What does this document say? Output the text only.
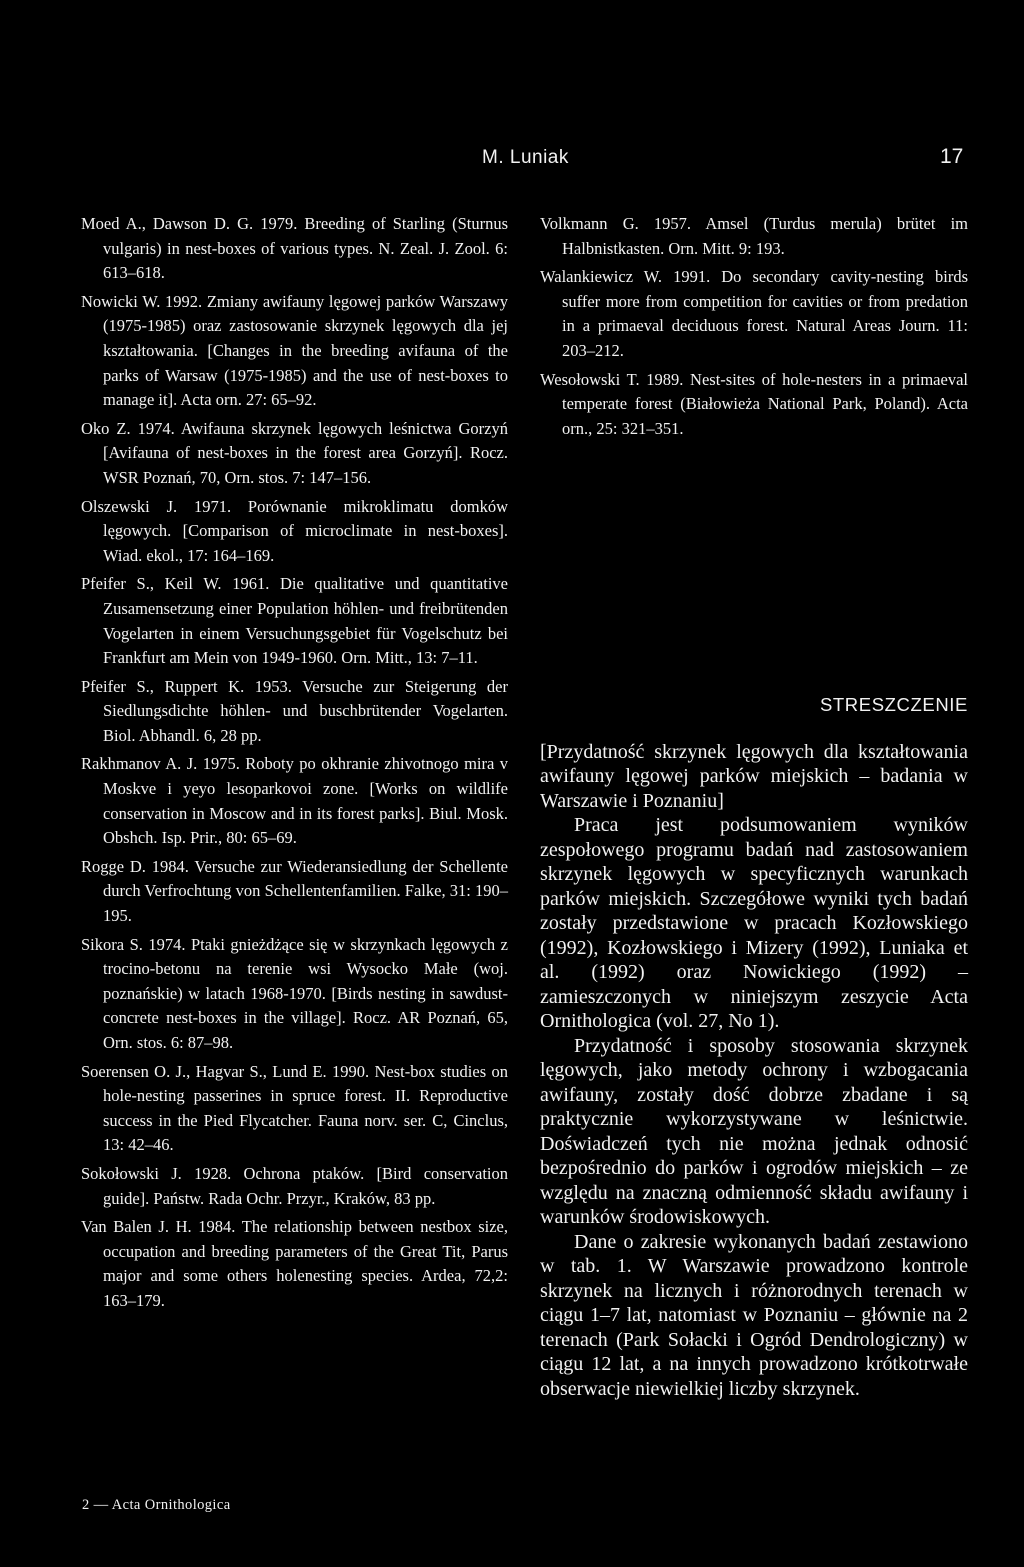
M. Luniak	17

Moed A., Dawson D. G. 1979. Breeding of Starling (Sturnus vulgaris) in nest-boxes of various types. N. Zeal. J. Zool. 6: 613–618.

Nowicki W. 1992. Zmiany awifauny lęgowej parków Warszawy (1975-1985) oraz zastosowanie skrzynek lęgowych dla jej kształtowania. [Changes in the breeding avifauna of the parks of Warsaw (1975-1985) and the use of nest-boxes to manage it]. Acta orn. 27: 65–92.

Oko Z. 1974. Awifauna skrzynek lęgowych leśnictwa Gorzyń [Avifauna of nest-boxes in the forest area Gorzyń]. Rocz. WSR Poznań, 70, Orn. stos. 7: 147–156.

Olszewski J. 1971. Porównanie mikroklimatu domków lęgowych. [Comparison of microclimate in nest-boxes]. Wiad. ekol., 17: 164–169.

Pfeifer S., Keil W. 1961. Die qualitative und quantitative Zusamensetzung einer Population höhlen- und freibrütenden Vogelarten in einem Versuchungsgebiet für Vogelschutz bei Frankfurt am Mein von 1949-1960. Orn. Mitt., 13: 7–11.

Pfeifer S., Ruppert K. 1953. Versuche zur Steigerung der Siedlungsdichte höhlen- und buschbrütender Vogelarten. Biol. Abhandl. 6, 28 pp.

Rakhmanov A. J. 1975. Roboty po okhranie zhivotnogo mira v Moskve i yeyo lesoparkovoi zone. [Works on wildlife conservation in Moscow and in its forest parks]. Biul. Mosk. Obshch. Isp. Prir., 80: 65–69.

Rogge D. 1984. Versuche zur Wiederansiedlung der Schellente durch Verfrochtung von Schellentenfamilien. Falke, 31: 190–195.

Sikora S. 1974. Ptaki gnieżdżące się w skrzynkach lęgowych z trocino-betonu na terenie wsi Wysocko Małe (woj. poznańskie) w latach 1968-1970. [Birds nesting in sawdust-concrete nest-boxes in the village]. Rocz. AR Poznań, 65, Orn. stos. 6: 87–98.

Soerensen O. J., Hagvar S., Lund E. 1990. Nest-box studies on hole-nesting passerines in spruce forest. II. Reproductive success in the Pied Flycatcher. Fauna norv. ser. C, Cinclus, 13: 42–46.

Sokołowski J. 1928. Ochrona ptaków. [Bird conservation guide]. Państw. Rada Ochr. Przyr., Kraków, 83 pp.

Van Balen J. H. 1984. The relationship between nestbox size, occupation and breeding parameters of the Great Tit, Parus major and some others holenesting species. Ardea, 72,2: 163–179.

Volkmann G. 1957. Amsel (Turdus merula) brütet im Halbnistkasten. Orn. Mitt. 9: 193.

Walankiewicz W. 1991. Do secondary cavity-nesting birds suffer more from competition for cavities or from predation in a primaeval deciduous forest. Natural Areas Journ. 11: 203–212.

Wesołowski T. 1989. Nest-sites of hole-nesters in a primaeval temperate forest (Białowieża National Park, Poland). Acta orn., 25: 321–351.

STRESZCZENIE

[Przydatność skrzynek lęgowych dla kształtowania awifauny lęgowej parków miejskich – badania w Warszawie i Poznaniu]

Praca jest podsumowaniem wyników zespołowego programu badań nad zastosowaniem skrzynek lęgowych w specyficznych warunkach parków miejskich. Szczegółowe wyniki tych badań zostały przedstawione w pracach Kozłowskiego (1992), Kozłowskiego i Mizery (1992), Luniaka et al. (1992) oraz Nowickiego (1992) – zamieszczonych w niniejszym zeszycie Acta Ornithologica (vol. 27, No 1).

Przydatność i sposoby stosowania skrzynek lęgowych, jako metody ochrony i wzbogacania awifauny, zostały dość dobrze zbadane i są praktycznie wykorzystywane w leśnictwie. Doświadczeń tych nie można jednak odnosić bezpośrednio do parków i ogrodów miejskich – ze względu na znaczną odmienność składu awifauny i warunków środowiskowych.

Dane o zakresie wykonanych badań zestawiono w tab. 1. W Warszawie prowadzono kontrole skrzynek na licznych i różnorodnych terenach w ciągu 1–7 lat, natomiast w Poznaniu – głównie na 2 terenach (Park Sołacki i Ogród Dendrologiczny) w ciągu 12 lat, a na innych prowadzono krótkotrwałe obserwacje niewielkiej liczby skrzynek.

2 — Acta Ornithologica
